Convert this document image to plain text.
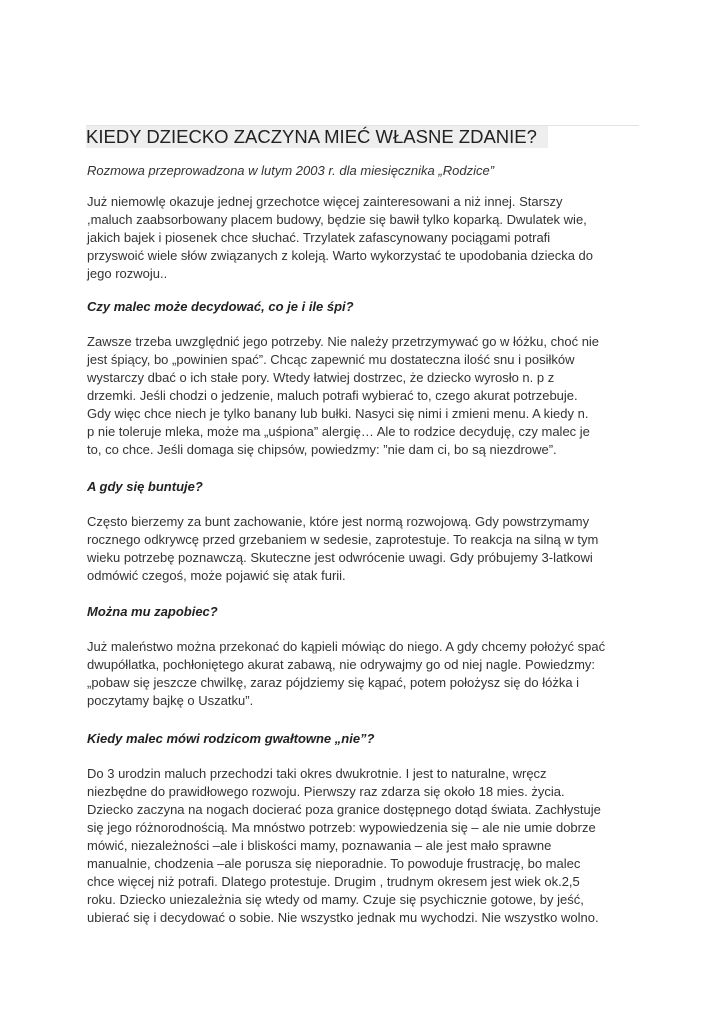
KIEDY DZIECKO ZACZYNA MIEĆ WŁASNE ZDANIE?

Rozmowa przeprowadzona w lutym 2003 r. dla miesięcznika „Rodzice”

Już niemowlę okazuje jednej grzechotce więcej zainteresowani a niż innej. Starszy
,maluch zaabsorbowany placem budowy, będzie się bawił tylko koparką. Dwulatek wie,
jakich bajek i piosenek chce słuchać. Trzylatek zafascynowany pociągami potrafi
przyswoić wiele słów związanych z koleją. Warto wykorzystać te upodobania dziecka do
jego rozwoju..

Czy malec może decydować, co je i ile śpi?

Zawsze trzeba uwzględnić jego potrzeby. Nie należy przetrzymywać go w łóżku, choć nie
jest śpiący, bo „powinien spać”. Chcąc zapewnić mu dostateczna ilość snu i posiłków
wystarczy dbać o ich stałe pory. Wtedy łatwiej dostrzec, że dziecko wyrosło n. p z
drzemki. Jeśli chodzi o jedzenie, maluch potrafi wybierać to, czego akurat potrzebuje.
Gdy więc chce niech je tylko banany lub bułki. Nasyci się nimi i zmieni menu. A kiedy n.
p nie toleruje mleka, może ma „uśpiona” alergię… Ale to rodzice decyduję, czy malec je
to, co chce. Jeśli domaga się chipsów, powiedzmy: ”nie dam ci, bo są niezdrowe”.

A gdy się buntuje?

Często bierzemy za bunt zachowanie, które jest normą rozwojową. Gdy powstrzymamy
rocznego odkrywcę przed grzebaniem w sedesie, zaprotestuje. To reakcja na silną w tym
wieku potrzebę poznawczą. Skuteczne jest odwrócenie uwagi. Gdy próbujemy 3-latkowi
odmówić czegoś, może pojawić się atak furii.

Można mu zapobiec?

Już maleństwo można przekonać do kąpieli mówiąc do niego. A gdy chcemy położyć spać
dwupółlatka, pochłoniętego akurat zabawą, nie odrywajmy go od niej nagle. Powiedzmy:
„pobaw się jeszcze chwilkę, zaraz pójdziemy się kąpać, potem położysz się do łóżka i
poczytamy bajkę o Uszatku”.

Kiedy malec mówi rodzicom gwałtowne „nie”?

Do 3 urodzin maluch przechodzi taki okres dwukrotnie. I jest to naturalne, wręcz
niezbędne do prawidłowego rozwoju. Pierwszy raz zdarza się około 18 mies. życia.
Dziecko zaczyna na nogach docierać poza granice dostępnego dotąd świata. Zachłystuje
się jego różnorodnością. Ma mnóstwo potrzeb: wypowiedzenia się – ale nie umie dobrze
mówić, niezależności –ale i bliskości mamy, poznawania – ale jest mało sprawne
manualnie, chodzenia –ale porusza się nieporadnie. To powoduje frustrację, bo malec
chce więcej niż potrafi. Dlatego protestuje. Drugim , trudnym okresem jest wiek ok.2,5
roku. Dziecko uniezależnia się wtedy od mamy. Czuje się psychicznie gotowe, by jeść,
ubierać się i decydować o sobie. Nie wszystko jednak mu wychodzi. Nie wszystko wolno.
